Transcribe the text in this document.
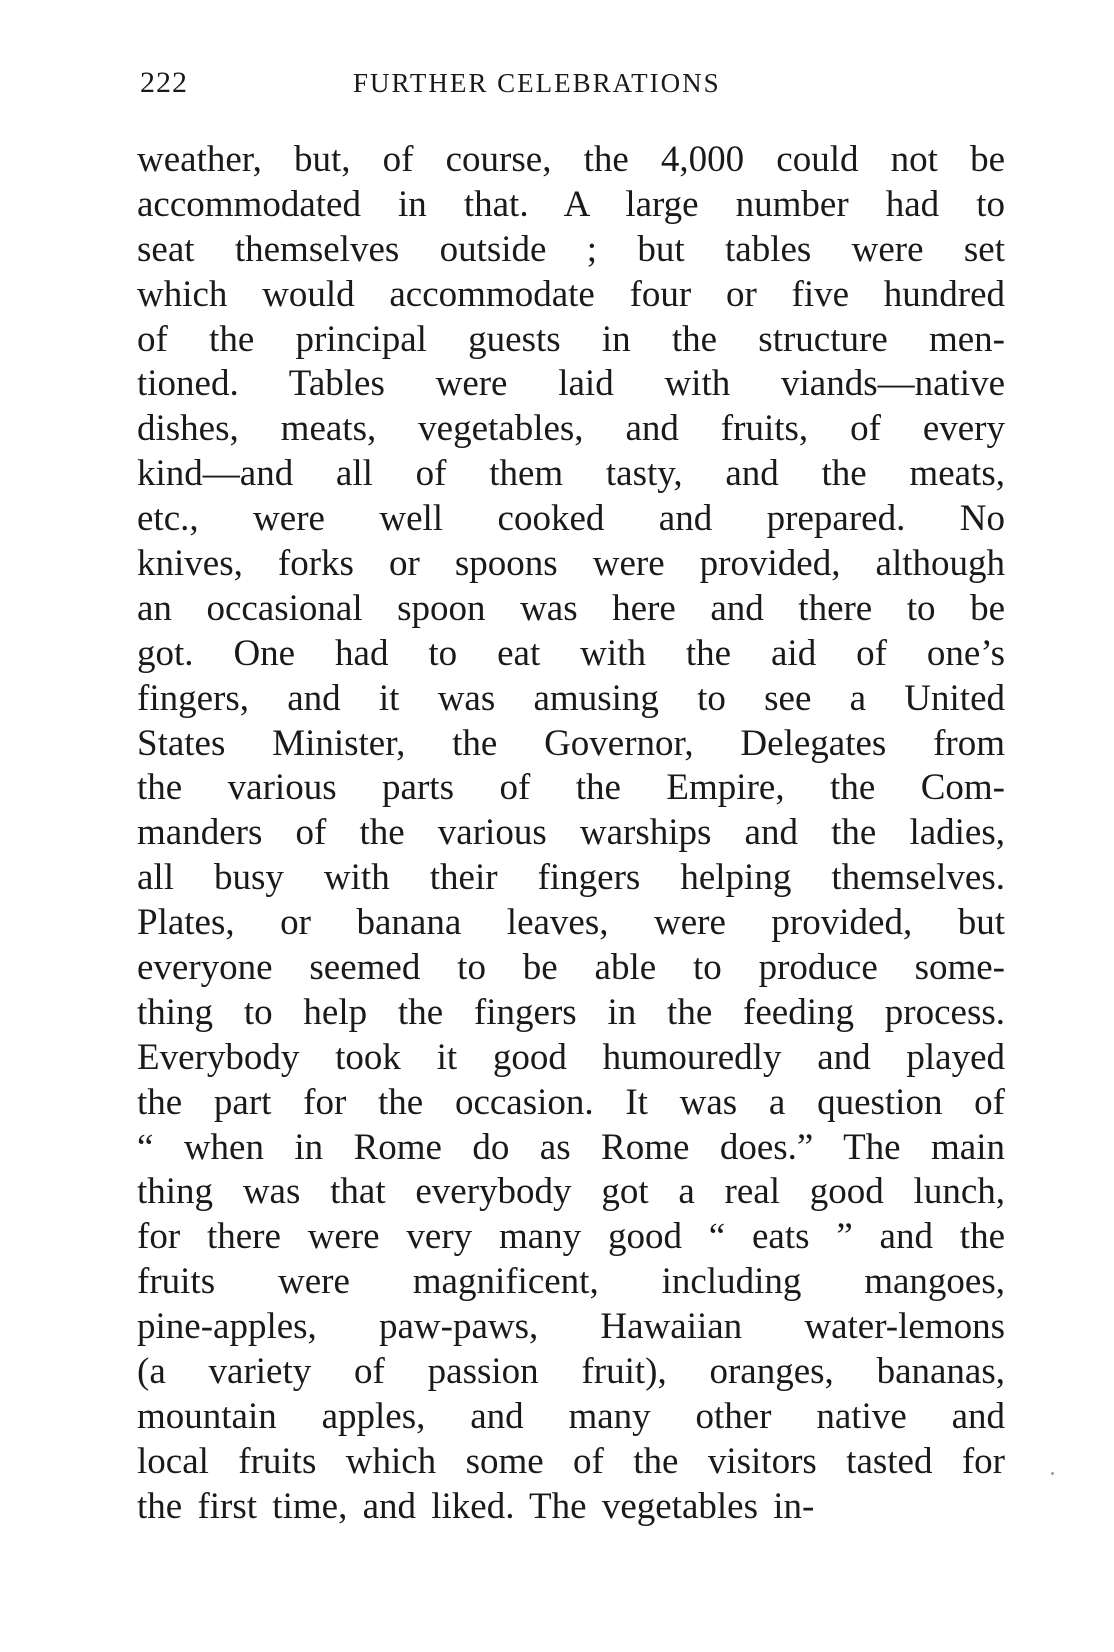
222	FURTHER CELEBRATIONS
weather, but, of course, the 4,000 could not be
accommodated in that. A large number had to
seat themselves outside ; but tables were set
which would accommodate four or five hundred
of the principal guests in the structure men-
tioned. Tables were laid with viands—native
dishes, meats, vegetables, and fruits, of every
kind—and all of them tasty, and the meats,
etc., were well cooked and prepared. No
knives, forks or spoons were provided, although
an occasional spoon was here and there to be
got. One had to eat with the aid of one’s
fingers, and it was amusing to see a United
States Minister, the Governor, Delegates from
the various parts of the Empire, the Com-
manders of the various warships and the ladies,
all busy with their fingers helping themselves.
Plates, or banana leaves, were provided, but
everyone seemed to be able to produce some-
thing to help the fingers in the feeding process.
Everybody took it good humouredly and played
the part for the occasion. It was a question of
“ when in Rome do as Rome does.” The main
thing was that everybody got a real good lunch,
for there were very many good “ eats ” and the
fruits were magnificent, including mangoes,
pine-apples, paw-paws, Hawaiian water-lemons
(a variety of passion fruit), oranges, bananas,
mountain apples, and many other native and
local fruits which some of the visitors tasted for
the first time, and liked. The vegetables in-
